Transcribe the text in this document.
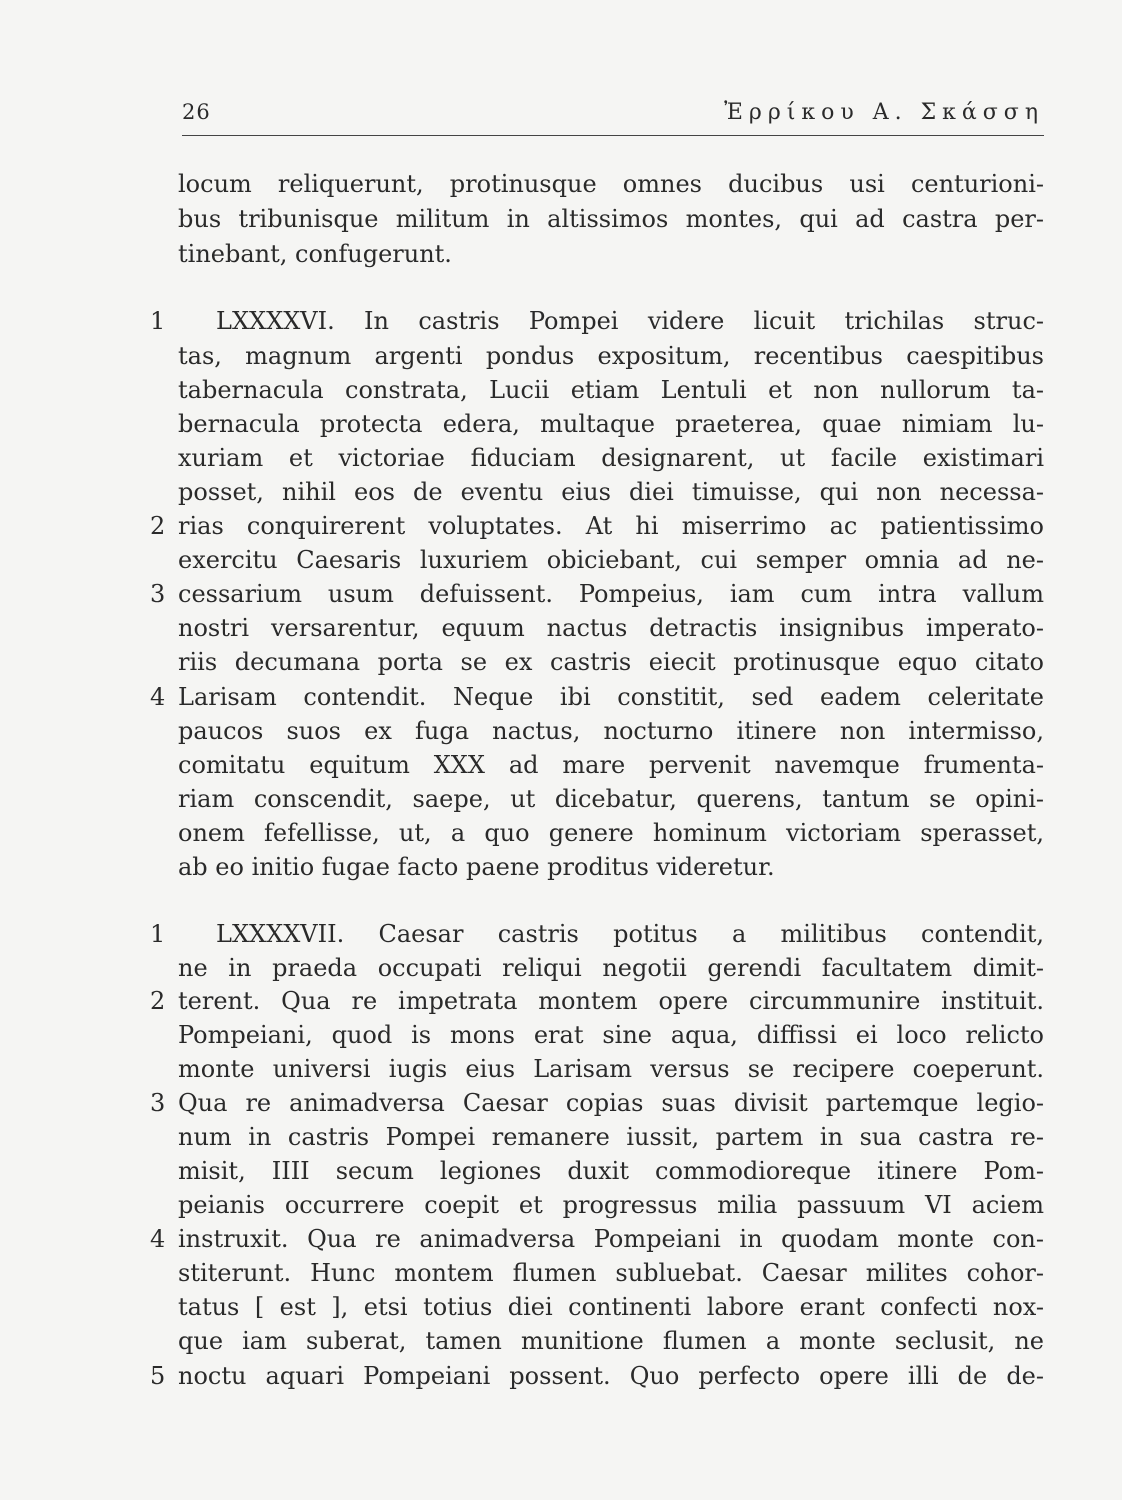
26	Ἐρρίκου Α. Σκάσση
locum reliquerunt, protinusque omnes ducibus usi centurioni-
bus tribunisque militum in altissimos montes, qui ad castra per-
tinebant, confugerunt.
1
2
3
4
LXXXXVI. In castris Pompei videre licuit trichilas struc-
tas, magnum argenti pondus expositum, recentibus caespitibus
tabernacula constrata, Lucii etiam Lentuli et non nullorum ta-
bernacula protecta edera, multaque praeterea, quae nimiam lu-
xuriam et victoriae fiduciam designarent, ut facile existimari
posset, nihil eos de eventu eius diei timuisse, qui non necessa-
rias conquirerent voluptates. At hi miserrimo ac patientissimo
exercitu Caesaris luxuriem obiciebant, cui semper omnia ad ne-
cessarium usum defuissent. Pompeius, iam cum intra vallum
nostri versarentur, equum nactus detractis insignibus imperato-
riis decumana porta se ex castris eiecit protinusque equo citato
Larisam contendit. Neque ibi constitit, sed eadem celeritate
paucos suos ex fuga nactus, nocturno itinere non intermisso,
comitatu equitum XXX ad mare pervenit navemque frumenta-
riam conscendit, saepe, ut dicebatur, querens, tantum se opini-
onem fefellisse, ut, a quo genere hominum victoriam sperasset,
ab eo initio fugae facto paene proditus videretur.
1
2
3
4
5
LXXXXVII. Caesar castris potitus a militibus contendit,
ne in praeda occupati reliqui negotii gerendi facultatem dimit-
terent. Qua re impetrata montem opere circummunire instituit.
Pompeiani, quod is mons erat sine aqua, diffissi ei loco relicto
monte universi iugis eius Larisam versus se recipere coeperunt.
Qua re animadversa Caesar copias suas divisit partemque legio-
num in castris Pompei remanere iussit, partem in sua castra re-
misit, IIII secum legiones duxit commodioreque itinere Pom-
peianis occurrere coepit et progressus milia passuum VI aciem
instruxit. Qua re animadversa Pompeiani in quodam monte con-
stiterunt. Hunc montem flumen subluebat. Caesar milites cohor-
tatus [ est ], etsi totius diei continenti labore erant confecti nox-
que iam suberat, tamen munitione flumen a monte seclusit, ne
noctu aquari Pompeiani possent. Quo perfecto opere illi de de-
